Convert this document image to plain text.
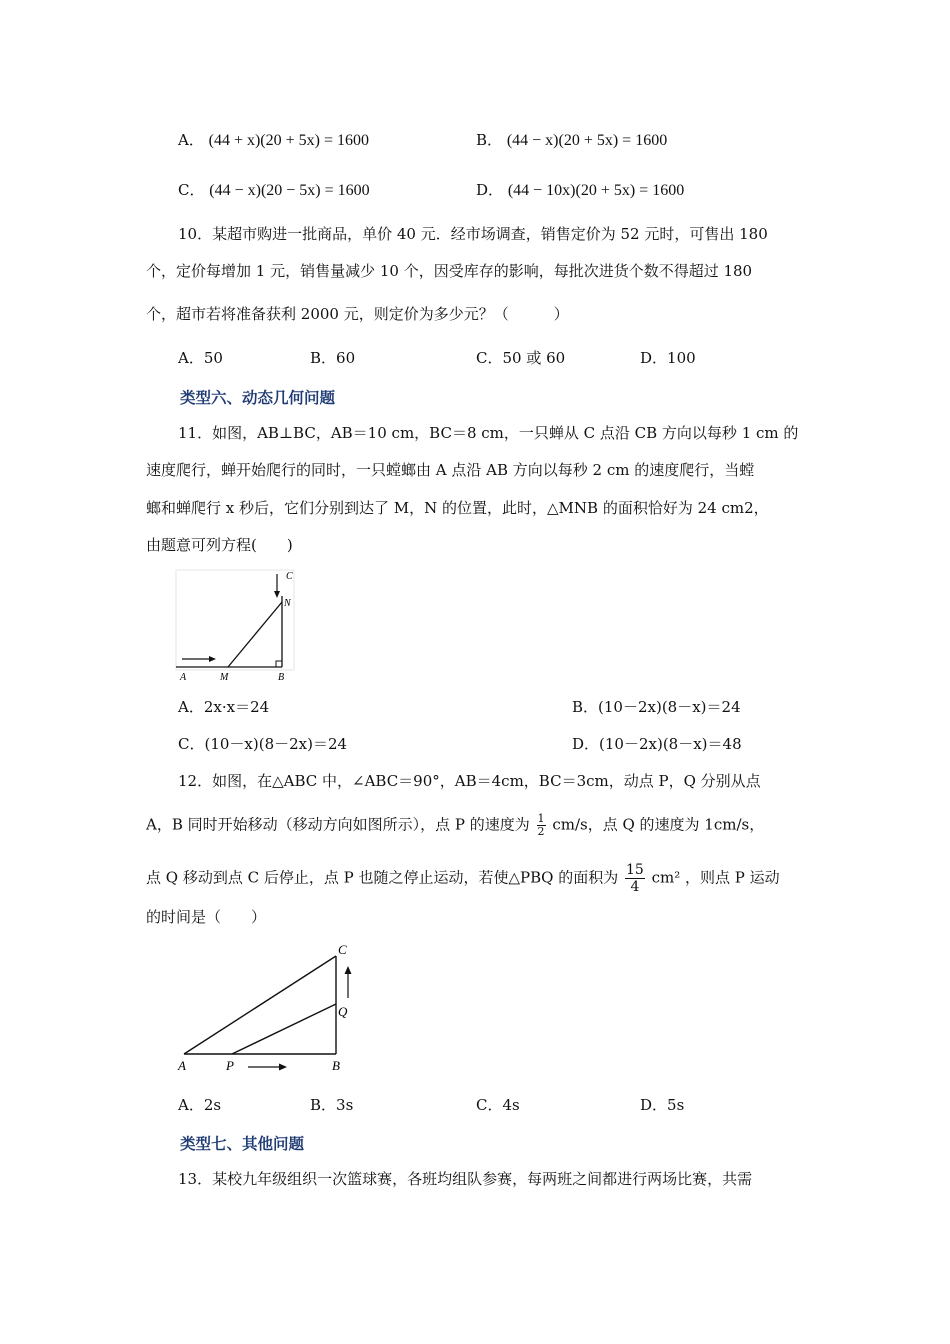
A． (44 + x)(20 + 5x) = 1600	B． (44 − x)(20 + 5x) = 1600
C． (44 − x)(20 − 5x) = 1600	D． (44 − 10x)(20 + 5x) = 1600
10．某超市购进一批商品，单价 40 元．经市场调查，销售定价为 52 元时，可售出 180
个，定价每增加 1 元，销售量减少 10 个，因受库存的影响，每批次进货个数不得超过 180
个，超市若将准备获利 2000 元，则定价为多少元？（　　　）
A．50	B．60	C．50 或 60	D．100
类型六、动态几何问题
11．如图，AB⊥BC，AB＝10 cm，BC＝8 cm，一只蝉从 C 点沿 CB 方向以每秒 1 cm 的
速度爬行，蝉开始爬行的同时，一只螳螂由 A 点沿 AB 方向以每秒 2 cm 的速度爬行，当螳
螂和蝉爬行 x 秒后，它们分别到达了 M，N 的位置，此时，△MNB 的面积恰好为 24 cm2，
由题意可列方程(　　)
A	M	B
C
N
A．2x·x＝24	B．(10－2x)(8－x)＝24
C．(10－x)(8－2x)＝24	D．(10－2x)(8－x)＝48
12．如图，在△ABC 中，∠ABC＝90°，AB＝4cm，BC＝3cm，动点 P，Q 分别从点
A，B 同时开始移动（移动方向如图所示），点 P 的速度为 $\frac{1}{2} cm/s$，点 Q 的速度为 1cm/s，
点 Q 移动到点 C 后停止，点 P 也随之停止运动，若使△PBQ 的面积为 $\frac{15}{4} cm^2$ ，则点 P 运动
的时间是（　　）
A	P	B
C
Q
A．2s	B．3s	C．4s	D．5s
类型七、其他问题
13．某校九年级组织一次篮球赛，各班均组队参赛，每两班之间都进行两场比赛，共需
